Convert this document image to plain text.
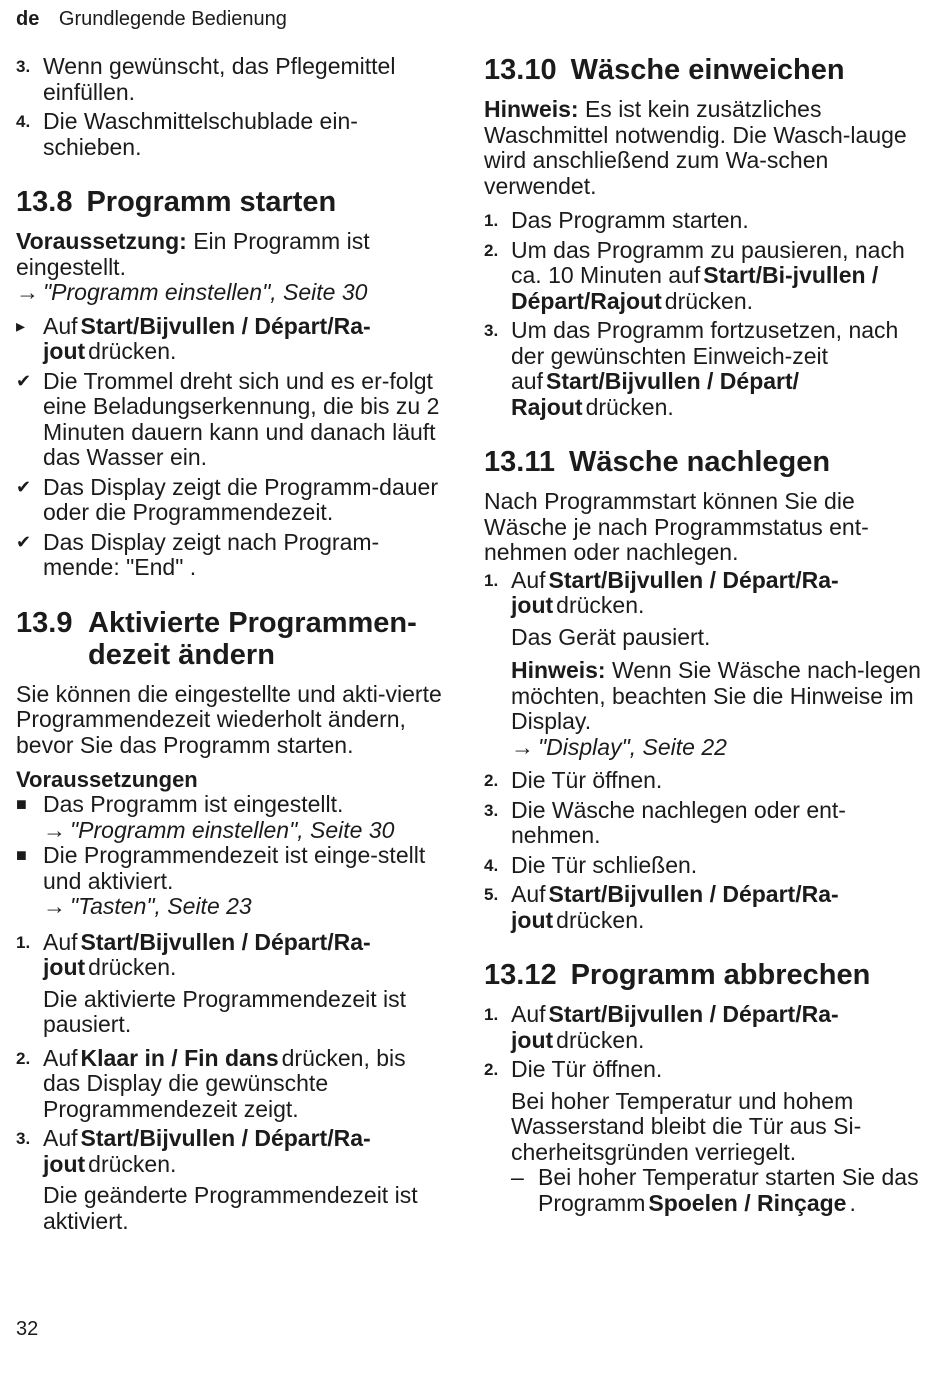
de Grundlegende Bedienung
3. Wenn gewünscht, das Pflegemittel einfüllen.
4. Die Waschmittelschublade ein-schieben.
13.8 Programm starten
Voraussetzung: Ein Programm ist eingestellt.
→ "Programm einstellen", Seite 30
▸ Auf Start/Bijvullen / Départ/Ra-jout drücken.
✔ Die Trommel dreht sich und es er-folgt eine Beladungserkennung, die bis zu 2 Minuten dauern kann und danach läuft das Wasser ein.
✔ Das Display zeigt die Programm-dauer oder die Programmendezeit.
✔ Das Display zeigt nach Program-mende: "End" .
13.9 Aktivierte Programmen-
dezeit ändern
Sie können die eingestellte und akti-vierte Programmendezeit wiederholt ändern, bevor Sie das Programm starten.
Voraussetzungen
■ Das Programm ist eingestellt.
→ "Programm einstellen", Seite 30
■ Die Programmendezeit ist einge-stellt und aktiviert.
→ "Tasten", Seite 23
1. Auf Start/Bijvullen / Départ/Ra-jout drücken.
Die aktivierte Programmendezeit ist pausiert.
2. Auf Klaar in / Fin dans drücken, bis das Display die gewünschte Programmendezeit zeigt.
3. Auf Start/Bijvullen / Départ/Ra-jout drücken.
Die geänderte Programmendezeit ist aktiviert.
13.10 Wäsche einweichen
Hinweis: Es ist kein zusätzliches Waschmittel notwendig. Die Wasch-lauge wird anschließend zum Wa-schen verwendet.
1. Das Programm starten.
2. Um das Programm zu pausieren, nach ca. 10 Minuten auf Start/Bi-jvullen / Départ/Rajout drücken.
3. Um das Programm fortzusetzen, nach der gewünschten Einweich-zeit auf Start/Bijvullen / Départ/ Rajout drücken.
13.11 Wäsche nachlegen
Nach Programmstart können Sie die Wäsche je nach Programmstatus ent-nehmen oder nachlegen.
1. Auf Start/Bijvullen / Départ/Ra-jout drücken.
Das Gerät pausiert.
Hinweis: Wenn Sie Wäsche nach-legen möchten, beachten Sie die Hinweise im Display.
→ "Display", Seite 22
2. Die Tür öffnen.
3. Die Wäsche nachlegen oder ent-nehmen.
4. Die Tür schließen.
5. Auf Start/Bijvullen / Départ/Ra-jout drücken.
13.12 Programm abbrechen
1. Auf Start/Bijvullen / Départ/Ra-jout drücken.
2. Die Tür öffnen.
Bei hoher Temperatur und hohem Wasserstand bleibt die Tür aus Si-cherheitsgründen verriegelt.
– Bei hoher Temperatur starten Sie das Programm Spoelen / Rinçage .
32
